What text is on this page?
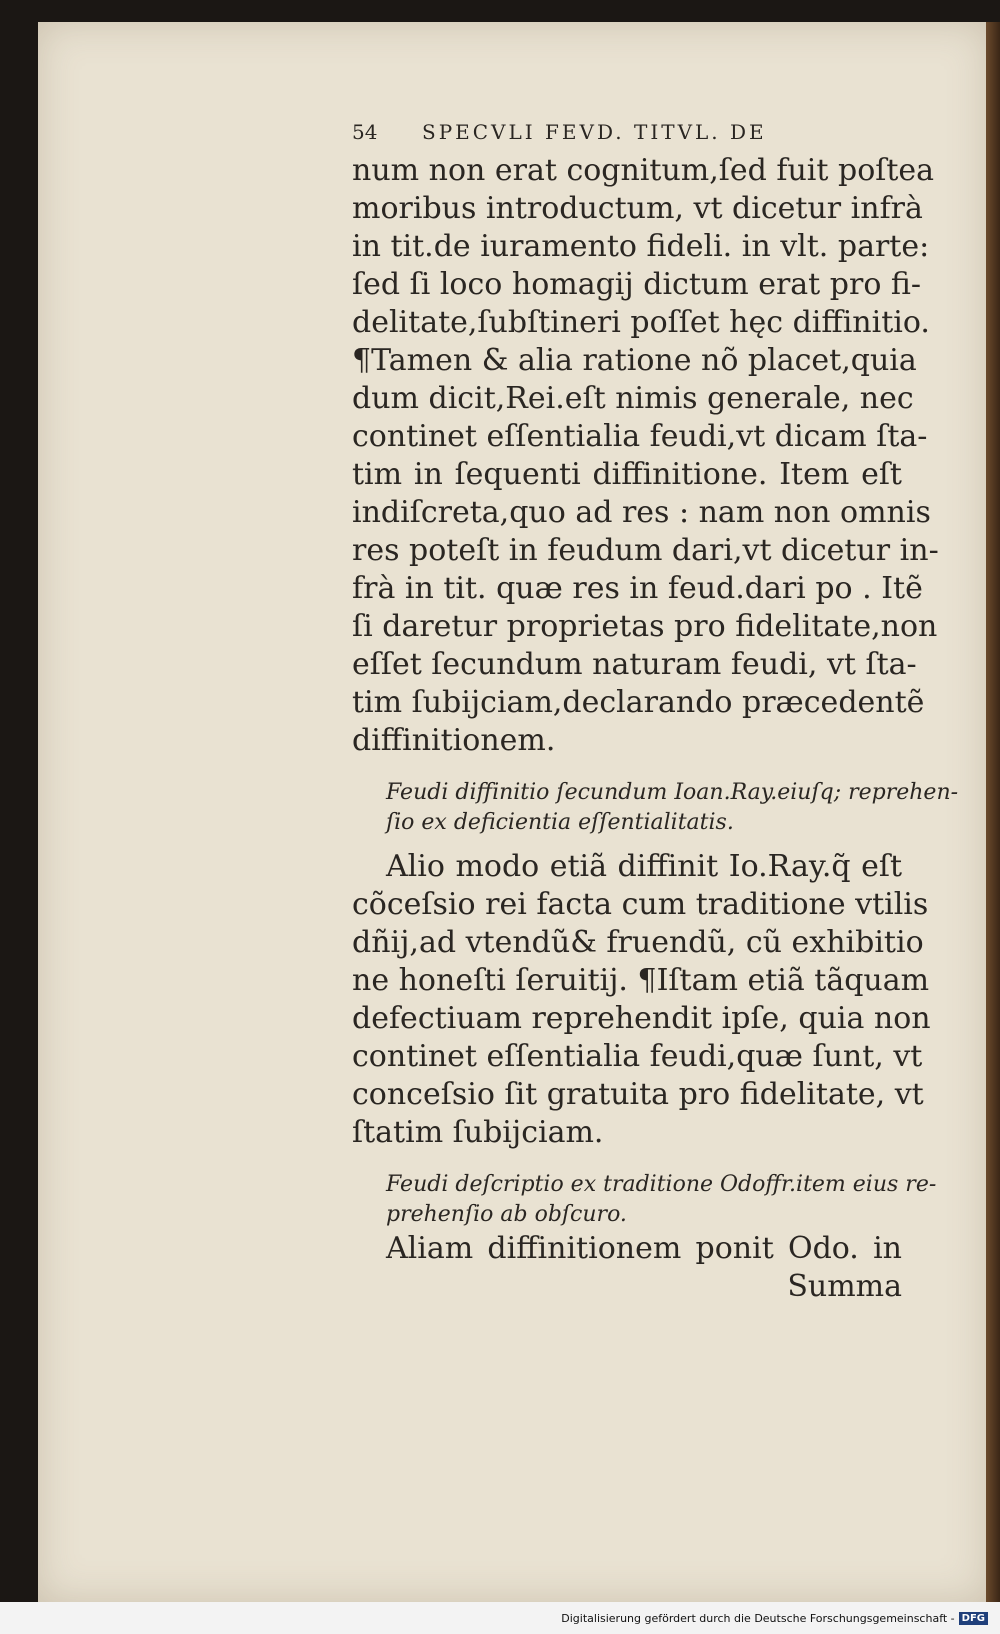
54	SPECVLI FEVD. TITVL. DE
num non erat cognitum,ſed fuit poſtea
moribus introductum, vt dicetur infrà
in tit.de iuramento fideli. in vlt. parte:
ſed ſi loco homagij dictum erat pro fi-
delitate,ſubſtineri poſſet hęc diffinitio.
¶Tamen & alia ratione nõ placet,quia
dum dicit,Rei.eſt nimis generale, nec
continet eſſentialia feudi,vt dicam ſta-
tim in ſequenti diffinitione. Item eſt
indiſcreta,quo ad res : nam non omnis
res poteſt in feudum dari,vt dicetur in-
frà in tit. quæ res in feud.dari po . Itẽ
ſi daretur proprietas pro fidelitate,non
eſſet ſecundum naturam feudi, vt ſta-
tim ſubijciam,declarando præcedentẽ
diffinitionem.
Feudi diffinitio ſecundum Ioan.Ray.eiuſq; reprehen-
ſio ex deficientia eſſentialitatis.
Alio modo etiã diffinit Io.Ray.q̃ eſt
cõceſsio rei facta cum traditione vtilis
dñij,ad vtendũ& fruendũ, cũ exhibitio
ne honeſti ſeruitij. ¶Iſtam etiã tãquam
defectiuam reprehendit ipſe, quia non
continet eſſentialia feudi,quæ ſunt, vt
conceſsio ſit gratuita pro fidelitate, vt
ſtatim ſubijciam.
Feudi deſcriptio ex traditione Odoffr.item eius re-
prehenſio ab obſcuro.
Aliam diffinitionem ponit Odo. in
Summa
Digitalisierung gefördert durch die Deutsche Forschungsgemeinschaft - DFG
